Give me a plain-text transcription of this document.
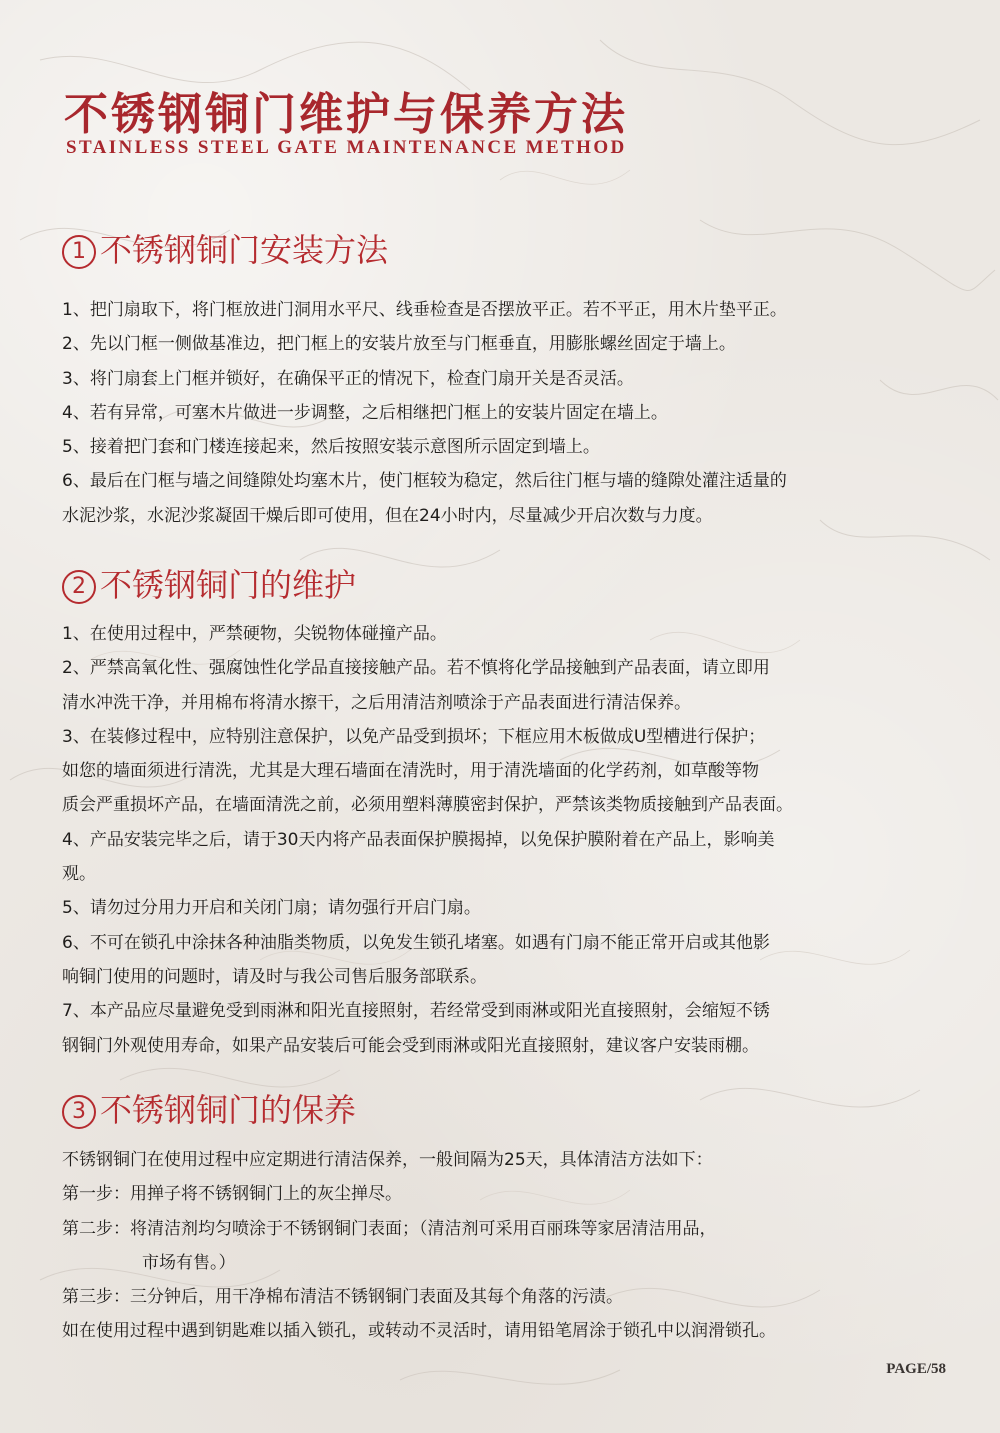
不锈钢铜门维护与保养方法

STAINLESS STEEL GATE MAINTENANCE METHOD

1 不锈钢铜门安装方法
1、把门扇取下，将门框放进门洞用水平尺、线垂检查是否摆放平正。若不平正，用木片垫平正。
2、先以门框一侧做基准边，把门框上的安装片放至与门框垂直，用膨胀螺丝固定于墙上。
3、将门扇套上门框并锁好，在确保平正的情况下，检查门扇开关是否灵活。
4、若有异常，可塞木片做进一步调整，之后相继把门框上的安装片固定在墙上。
5、接着把门套和门楼连接起来，然后按照安装示意图所示固定到墙上。
6、最后在门框与墙之间缝隙处均塞木片，使门框较为稳定，然后往门框与墙的缝隙处灌注适量的
水泥沙浆，水泥沙浆凝固干燥后即可使用，但在24小时内，尽量减少开启次数与力度。
2 不锈钢铜门的维护
1、在使用过程中，严禁硬物，尖锐物体碰撞产品。
2、严禁高氧化性、强腐蚀性化学品直接接触产品。若不慎将化学品接触到产品表面，请立即用
清水冲洗干净，并用棉布将清水擦干，之后用清洁剂喷涂于产品表面进行清洁保养。
3、在装修过程中，应特别注意保护，以免产品受到损坏；下框应用木板做成U型槽进行保护；
如您的墙面须进行清洗，尤其是大理石墙面在清洗时，用于清洗墙面的化学药剂，如草酸等物
质会严重损坏产品，在墙面清洗之前，必须用塑料薄膜密封保护，严禁该类物质接触到产品表面。
4、产品安装完毕之后，请于30天内将产品表面保护膜揭掉，以免保护膜附着在产品上，影响美
观。
5、请勿过分用力开启和关闭门扇；请勿强行开启门扇。
6、不可在锁孔中涂抹各种油脂类物质，以免发生锁孔堵塞。如遇有门扇不能正常开启或其他影
响铜门使用的问题时，请及时与我公司售后服务部联系。
7、本产品应尽量避免受到雨淋和阳光直接照射，若经常受到雨淋或阳光直接照射，会缩短不锈
钢铜门外观使用寿命，如果产品安装后可能会受到雨淋或阳光直接照射，建议客户安装雨棚。
3 不锈钢铜门的保养
不锈钢铜门在使用过程中应定期进行清洁保养，一般间隔为25天，具体清洁方法如下：
第一步：用掸子将不锈钢铜门上的灰尘掸尽。
第二步：将清洁剂均匀喷涂于不锈钢铜门表面；（清洁剂可采用百丽珠等家居清洁用品，
市场有售。）
第三步：三分钟后，用干净棉布清洁不锈钢铜门表面及其每个角落的污渍。
如在使用过程中遇到钥匙难以插入锁孔，或转动不灵活时，请用铅笔屑涂于锁孔中以润滑锁孔。

PAGE/58
